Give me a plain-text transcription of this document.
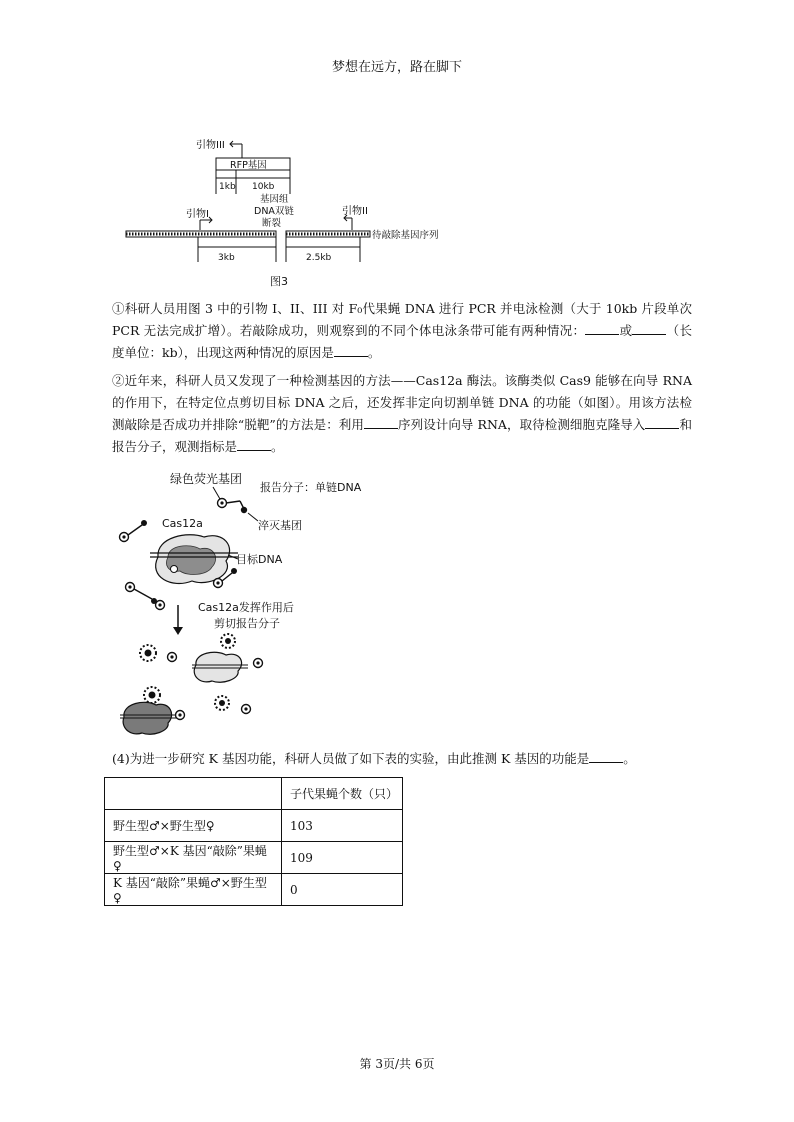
梦想在远方，路在脚下
引物III
RFP基因
1kb 10kb
基因组
DNA双链
断裂
引物I	引物II
待敲除基因序列
3kb	2.5kb
图3
①科研人员用图 3 中的引物 I、II、III 对 F₀代果蝇 DNA 进行 PCR 并电泳检测（大于 10kb 片段单次 PCR 无法完成扩增）。若敲除成功，则观察到的不同个体电泳条带可能有两种情况：	或	（长度单位：kb），出现这两种情况的原因是	。
②近年来，科研人员又发现了一种检测基因的方法——Cas12a 酶法。该酶类似 Cas9 能够在向导 RNA 的作用下，在特定位点剪切目标 DNA 之后，还发挥非定向切割单链 DNA 的功能（如图）。用该方法检测敲除是否成功并排除“脱靶”的方法是：利用	序列设计向导 RNA，取待检测细胞克隆导入	和报告分子，观测指标是	。
绿色荧光基团
报告分子：单链DNA
淬灭基团
Cas12a
目标DNA
Cas12a发挥作用后
剪切报告分子
(4)为进一步研究 K 基因功能，科研人员做了如下表的实验，由此推测 K 基因的功能是	。
	子代果蝇个数（只）
野生型♂×野生型♀	103
野生型♂×K 基因“敲除”果蝇♀	109
K 基因“敲除”果蝇♂×野生型♀	0
第 3页/共 6页
